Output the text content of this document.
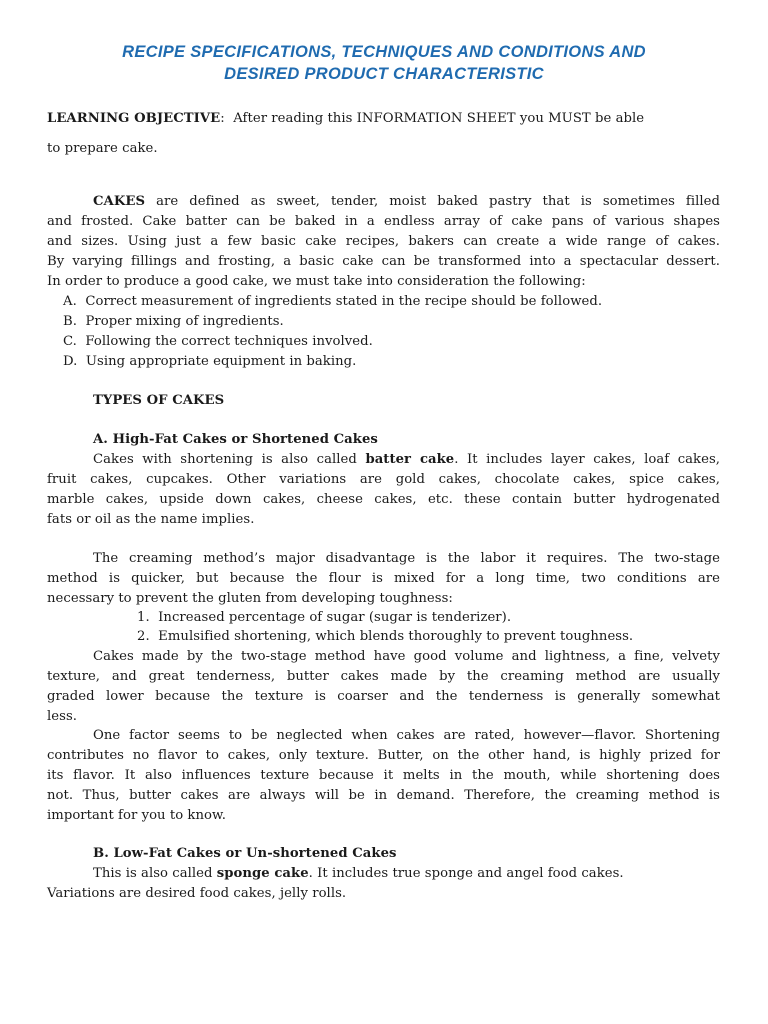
RECIPE SPECIFICATIONS, TECHNIQUES AND CONDITIONS AND
DESIRED PRODUCT CHARACTERISTIC
LEARNING OBJECTIVE: After reading this INFORMATION SHEET you MUST be able
to prepare cake.
CAKES are defined as sweet, tender, moist baked pastry that is sometimes filled
and frosted. Cake batter can be baked in a endless array of cake pans of various shapes
and sizes. Using just a few basic cake recipes, bakers can create a wide range of cakes.
By varying fillings and frosting, a basic cake can be transformed into a spectacular dessert.
In order to produce a good cake, we must take into consideration the following:
A. Correct measurement of ingredients stated in the recipe should be followed.
B. Proper mixing of ingredients.
C. Following the correct techniques involved.
D. Using appropriate equipment in baking.
TYPES OF CAKES
A. High-Fat Cakes or Shortened Cakes
Cakes with shortening is also called batter cake. It includes layer cakes, loaf cakes,
fruit cakes, cupcakes. Other variations are gold cakes, chocolate cakes, spice cakes,
marble cakes, upside down cakes, cheese cakes, etc. these contain butter hydrogenated
fats or oil as the name implies.
The creaming method’s major disadvantage is the labor it requires. The two-stage
method is quicker, but because the flour is mixed for a long time, two conditions are
necessary to prevent the gluten from developing toughness:
1. Increased percentage of sugar (sugar is tenderizer).
2. Emulsified shortening, which blends thoroughly to prevent toughness.
Cakes made by the two-stage method have good volume and lightness, a fine, velvety
texture, and great tenderness, butter cakes made by the creaming method are usually
graded lower because the texture is coarser and the tenderness is generally somewhat
less.
One factor seems to be neglected when cakes are rated, however—flavor. Shortening
contributes no flavor to cakes, only texture. Butter, on the other hand, is highly prized for
its flavor. It also influences texture because it melts in the mouth, while shortening does
not. Thus, butter cakes are always will be in demand. Therefore, the creaming method is
important for you to know.
B. Low-Fat Cakes or Un-shortened Cakes
This is also called sponge cake. It includes true sponge and angel food cakes.
Variations are desired food cakes, jelly rolls.
